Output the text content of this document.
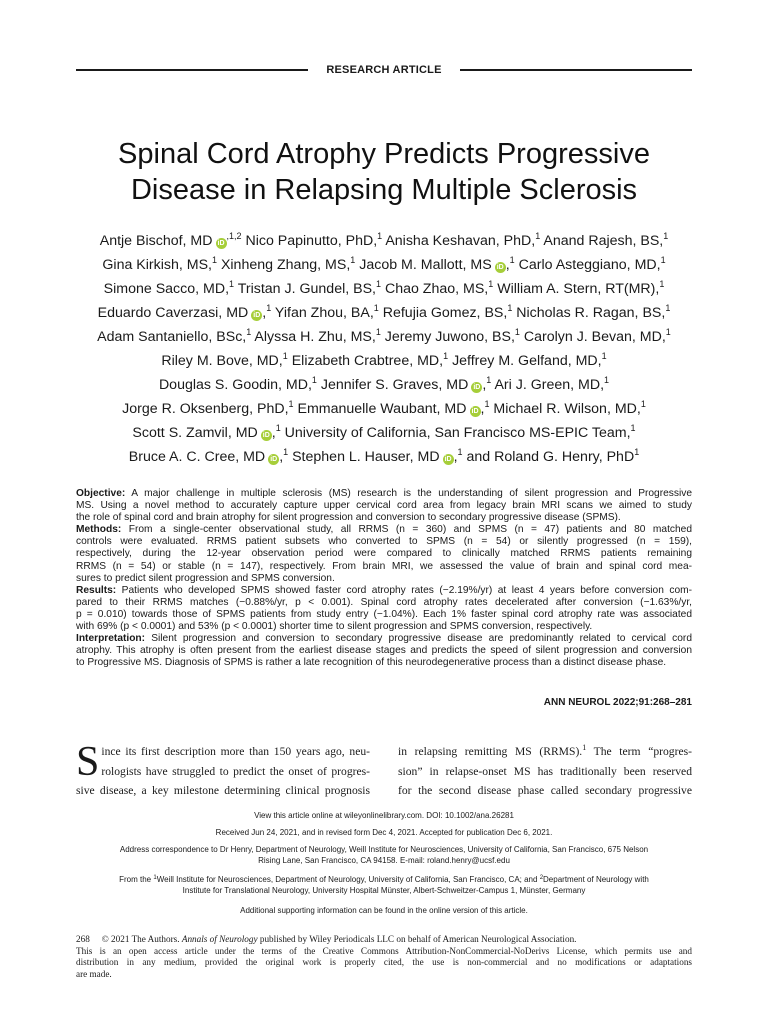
RESEARCH ARTICLE
Spinal Cord Atrophy Predicts Progressive
Disease in Relapsing Multiple Sclerosis
Antje Bischof, MD $iD^{,1,2}$ Nico Papinutto, PhD,$^1$ Anisha Keshavan, PhD,$^1$ Anand Rajesh, BS,$^1$
Gina Kirkish, MS,$^1$ Xinheng Zhang, MS,$^1$ Jacob M. Mallott, MS iD ,$^1$ Carlo Asteggiano, MD,$^1$
Simone Sacco, MD,$^1$ Tristan J. Gundel, BS,$^1$ Chao Zhao, MS,$^1$ William A. Stern, RT(MR),$^1$
Eduardo Caverzasi, MD iD ,$^1$ Yifan Zhou, BA,$^1$ Refujia Gomez, BS,$^1$ Nicholas R. Ragan, BS,$^1$
Adam Santaniello, BSc,$^1$ Alyssa H. Zhu, MS,$^1$ Jeremy Juwono, BS,$^1$ Carolyn J. Bevan, MD,$^1$
Riley M. Bove, MD,$^1$ Elizabeth Crabtree, MD,$^1$ Jeffrey M. Gelfand, MD,$^1$
Douglas S. Goodin, MD,$^1$ Jennifer S. Graves, MD iD ,$^1$ Ari J. Green, MD,$^1$
Jorge R. Oksenberg, PhD,$^1$ Emmanuelle Waubant, MD iD ,$^1$ Michael R. Wilson, MD,$^1$
Scott S. Zamvil, MD iD ,$^1$ University of California, San Francisco MS-EPIC Team,$^1$
Bruce A. C. Cree, MD iD ,$^1$ Stephen L. Hauser, MD iD ,$^1$ and Roland G. Henry, PhD$^1$
Objective: A major challenge in multiple sclerosis (MS) research is the understanding of silent progression and Progressive
MS. Using a novel method to accurately capture upper cervical cord area from legacy brain MRI scans we aimed to study
the role of spinal cord and brain atrophy for silent progression and conversion to secondary progressive disease (SPMS).
Methods: From a single-center observational study, all RRMS (n = 360) and SPMS (n = 47) patients and 80 matched
controls were evaluated. RRMS patient subsets who converted to SPMS (n = 54) or silently progressed (n = 159),
respectively, during the 12-year observation period were compared to clinically matched RRMS patients remaining
RRMS (n = 54) or stable (n = 147), respectively. From brain MRI, we assessed the value of brain and spinal cord mea-
sures to predict silent progression and SPMS conversion.
Results: Patients who developed SPMS showed faster cord atrophy rates (−2.19%/yr) at least 4 years before conversion com-
pared to their RRMS matches (−0.88%/yr, p < 0.001). Spinal cord atrophy rates decelerated after conversion (−1.63%/yr,
p = 0.010) towards those of SPMS patients from study entry (−1.04%). Each 1% faster spinal cord atrophy rate was associated
with 69% (p < 0.0001) and 53% (p < 0.0001) shorter time to silent progression and SPMS conversion, respectively.
Interpretation: Silent progression and conversion to secondary progressive disease are predominantly related to cervical cord
atrophy. This atrophy is often present from the earliest disease stages and predicts the speed of silent progression and conversion
to Progressive MS. Diagnosis of SPMS is rather a late recognition of this neurodegenerative process than a distinct disease phase.
ANN NEUROL 2022;91:268–281
S ince its first description more than 150 years ago, neu-
rologists have struggled to predict the onset of progres-
sive disease, a key milestone determining clinical prognosis
in relapsing remitting MS (RRMS).$^1$ The term “progres-
sion” in relapse-onset MS has traditionally been reserved
for the second disease phase called secondary progressive
View this article online at wileyonlinelibrary.com. DOI: 10.1002/ana.26281
Received Jun 24, 2021, and in revised form Dec 4, 2021. Accepted for publication Dec 6, 2021.
Address correspondence to Dr Henry, Department of Neurology, Weill Institute for Neurosciences, University of California, San Francisco, 675 Nelson
Rising Lane, San Francisco, CA 94158. E-mail: roland.henry@ucsf.edu
From the $^1$Weill Institute for Neurosciences, Department of Neurology, University of California, San Francisco, CA; and $^2$Department of Neurology with
Institute for Translational Neurology, University Hospital Münster, Albert-Schweitzer-Campus 1, Münster, Germany
Additional supporting information can be found in the online version of this article.
268 © 2021 The Authors. Annals of Neurology published by Wiley Periodicals LLC on behalf of American Neurological Association.
This is an open access article under the terms of the Creative Commons Attribution-NonCommercial-NoDerivs License, which permits use and
distribution in any medium, provided the original work is properly cited, the use is non-commercial and no modifications or adaptations
are made.
